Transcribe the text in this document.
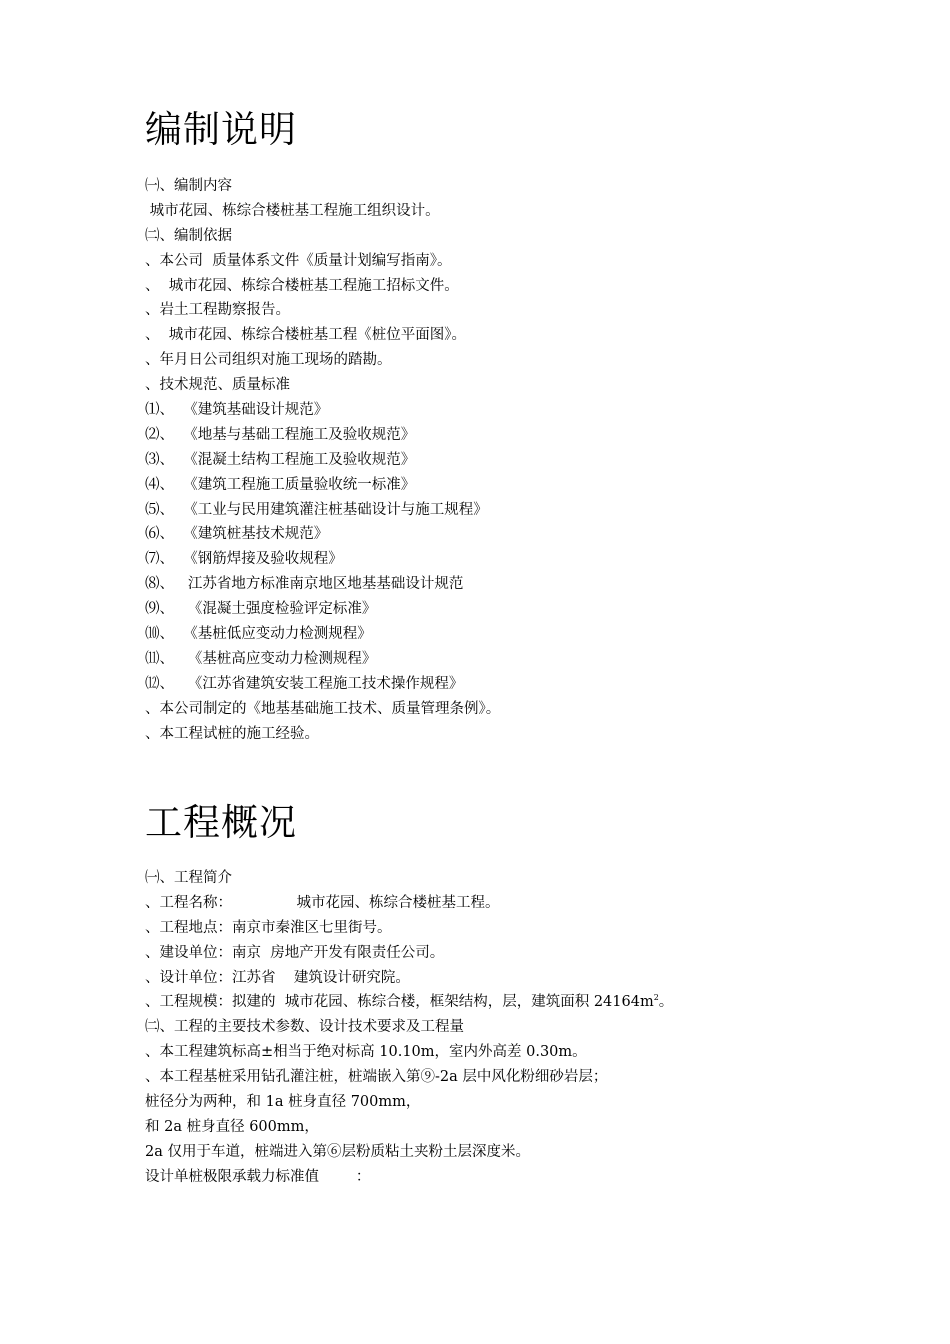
编制说明
㈠、编制内容
城市花园、栋综合楼桩基工程施工组织设计。
㈡、编制依据
、本公司  质量体系文件《质量计划编写指南》。
、  城市花园、栋综合楼桩基工程施工招标文件。
、岩土工程勘察报告。
、  城市花园、栋综合楼桩基工程《桩位平面图》。
、年月日公司组织对施工现场的踏勘。
、技术规范、质量标准
⑴、  《建筑基础设计规范》
⑵、  《地基与基础工程施工及验收规范》
⑶、  《混凝土结构工程施工及验收规范》
⑷、  《建筑工程施工质量验收统一标准》
⑸、  《工业与民用建筑灌注桩基础设计与施工规程》
⑹、  《建筑桩基技术规范》
⑺、  《钢筋焊接及验收规程》
⑻、   江苏省地方标准南京地区地基基础设计规范
⑼、   《混凝土强度检验评定标准》
⑽、  《基桩低应变动力检测规程》
⑾、   《基桩高应变动力检测规程》
⑿、   《江苏省建筑安装工程施工技术操作规程》
、本公司制定的《地基基础施工技术、质量管理条例》。
、本工程试桩的施工经验。
工程概况
㈠、工程简介
、工程名称：              城市花园、栋综合楼桩基工程。
、工程地点：南京市秦淮区七里街号。
、建设单位：南京  房地产开发有限责任公司。
、设计单位：江苏省    建筑设计研究院。
、工程规模：拟建的  城市花园、栋综合楼，框架结构，层，建筑面积 $24164m^2$。
㈡、工程的主要技术参数、设计技术要求及工程量
、本工程建筑标高±相当于绝对标高 10.10m，室内外高差 0.30m。
、本工程基桩采用钻孔灌注桩，桩端嵌入第⑨-2a 层中风化粉细砂岩层；
桩径分为两种，和 1a 桩身直径 700mm，
和 2a 桩身直径 600mm，
2a 仅用于车道，桩端进入第⑥层粉质粘土夹粉土层深度米。
设计单桩极限承载力标准值        ：
